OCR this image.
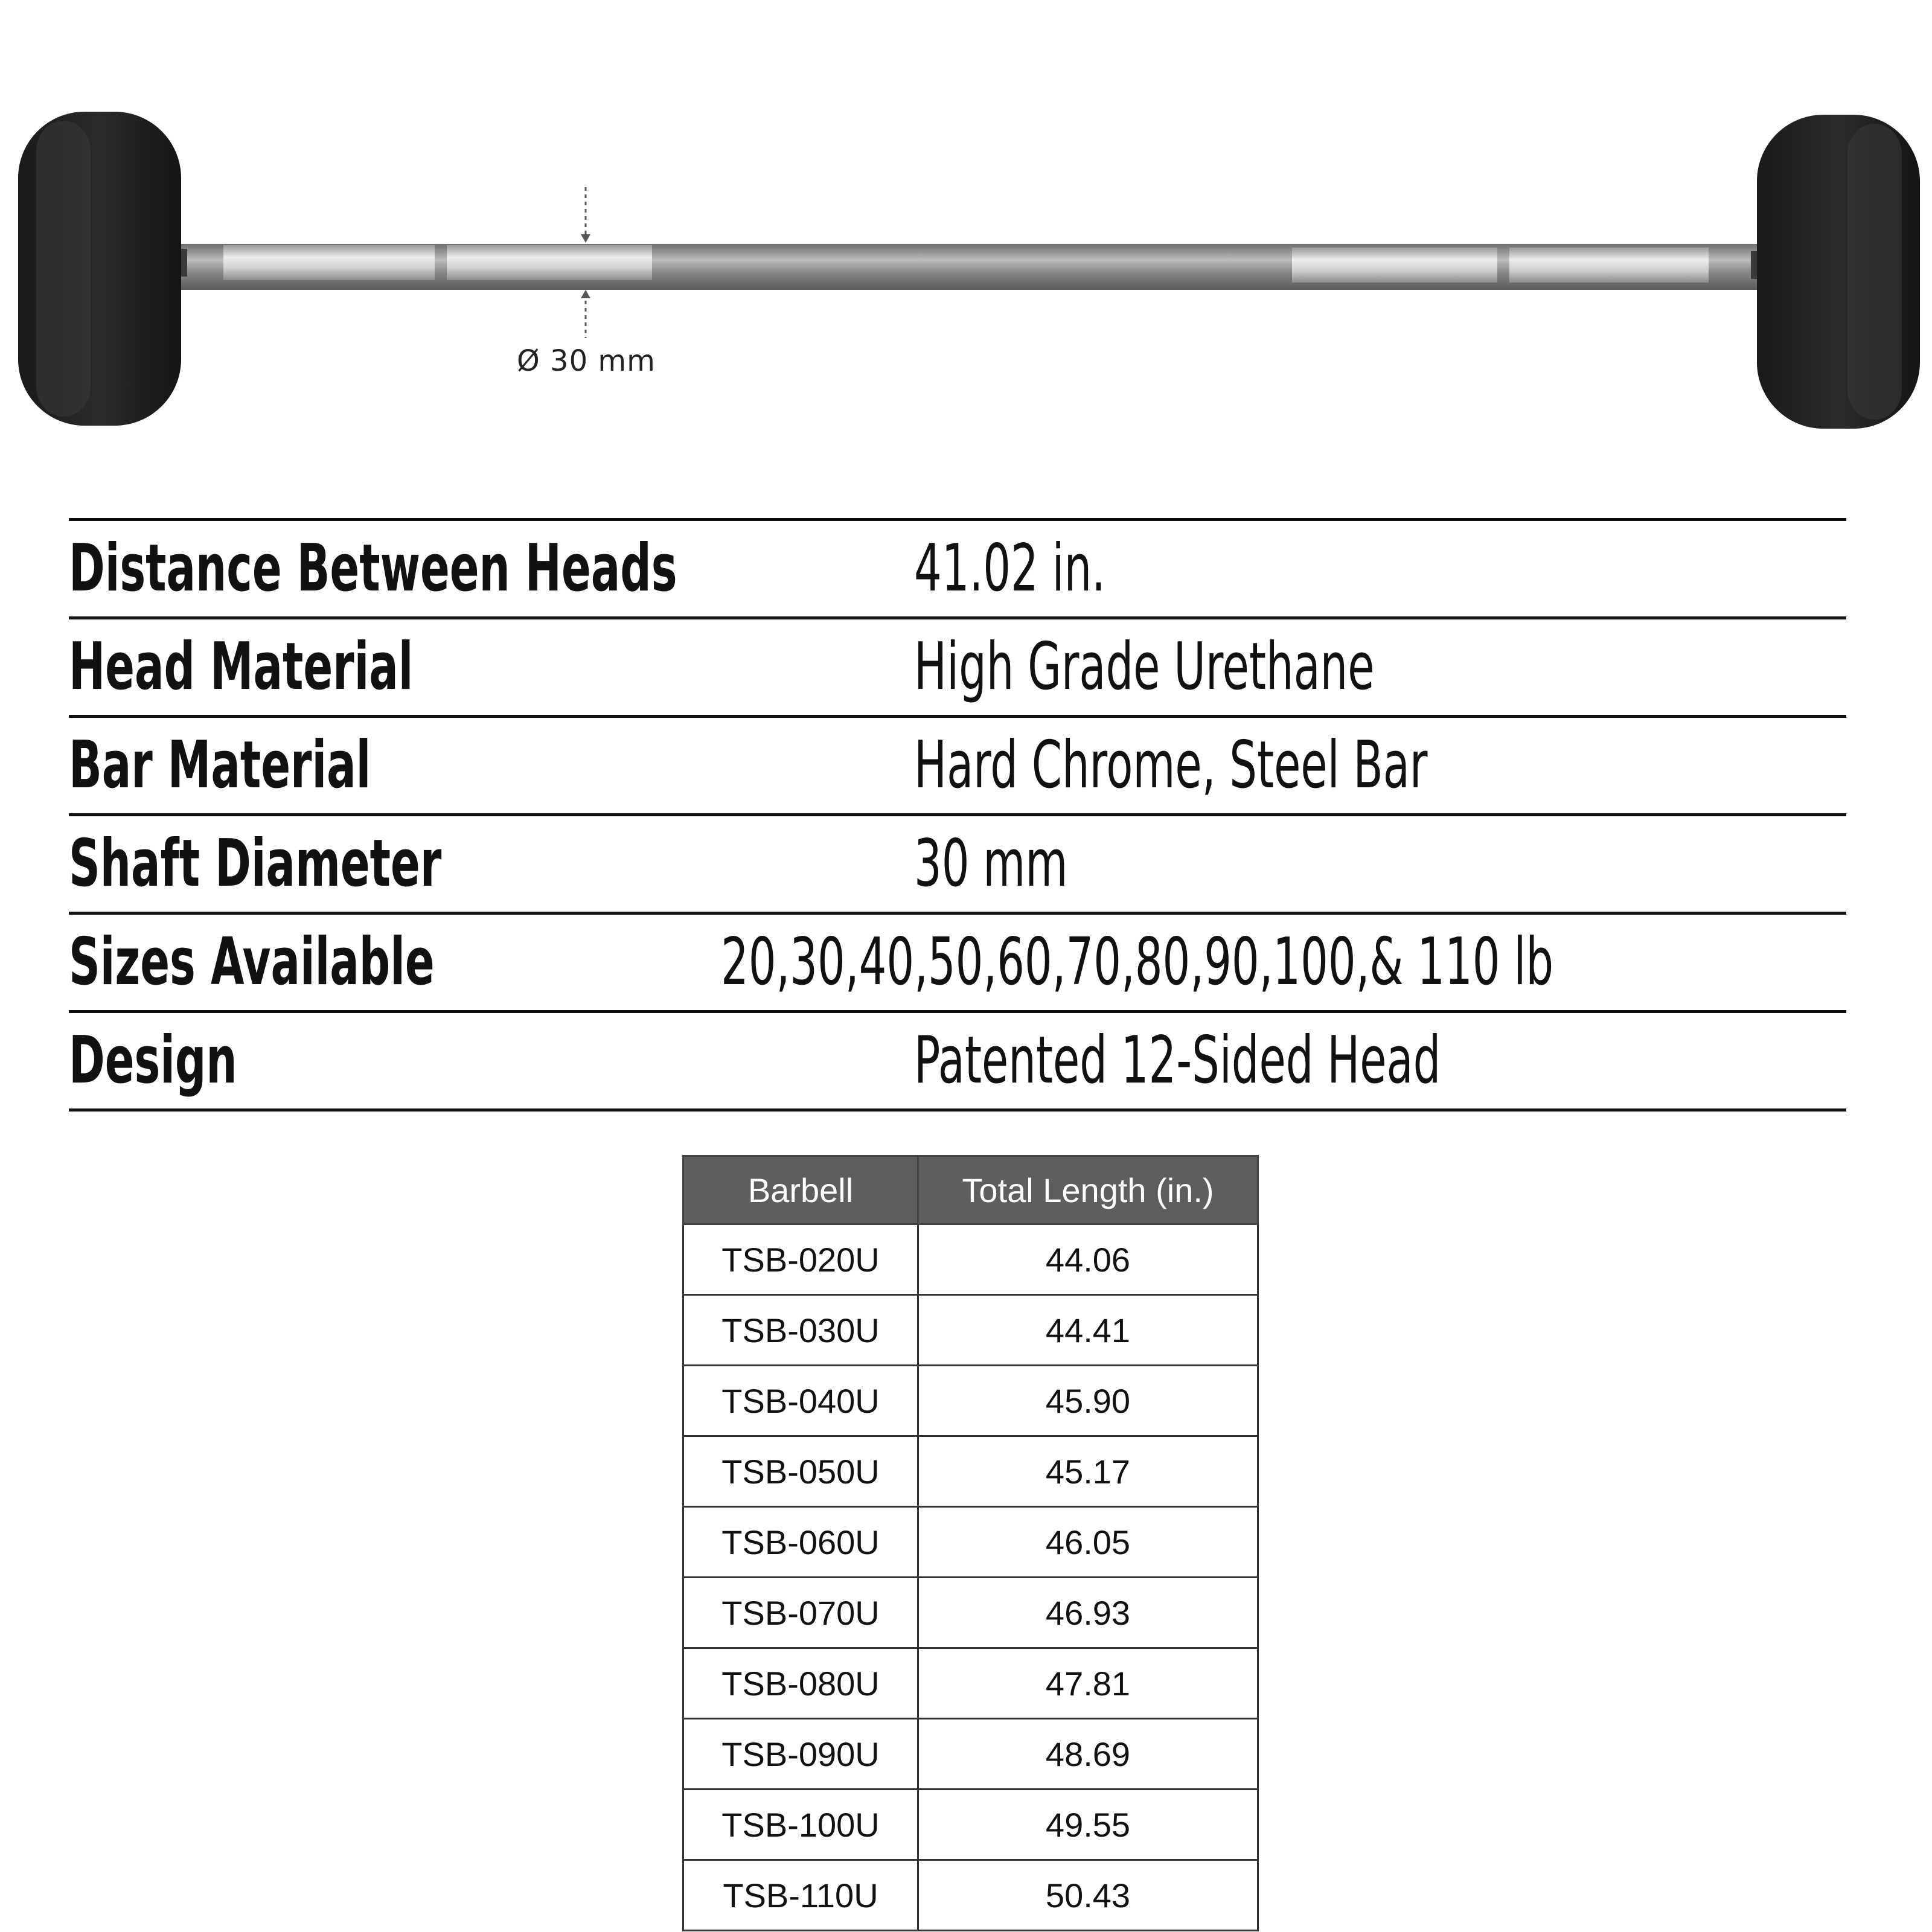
Ø 30 mm
Distance Between Heads	41.02 in.
Head Material	High Grade Urethane
Bar Material	Hard Chrome, Steel Bar
Shaft Diameter	30 mm
Sizes Available	20,30,40,50,60,70,80,90,100,& 110 lb
Design	Patented 12-Sided Head
Barbell	Total Length (in.)
TSB-020U	44.06
TSB-030U	44.41
TSB-040U	45.90
TSB-050U	45.17
TSB-060U	46.05
TSB-070U	46.93
TSB-080U	47.81
TSB-090U	48.69
TSB-100U	49.55
TSB-110U	50.43
